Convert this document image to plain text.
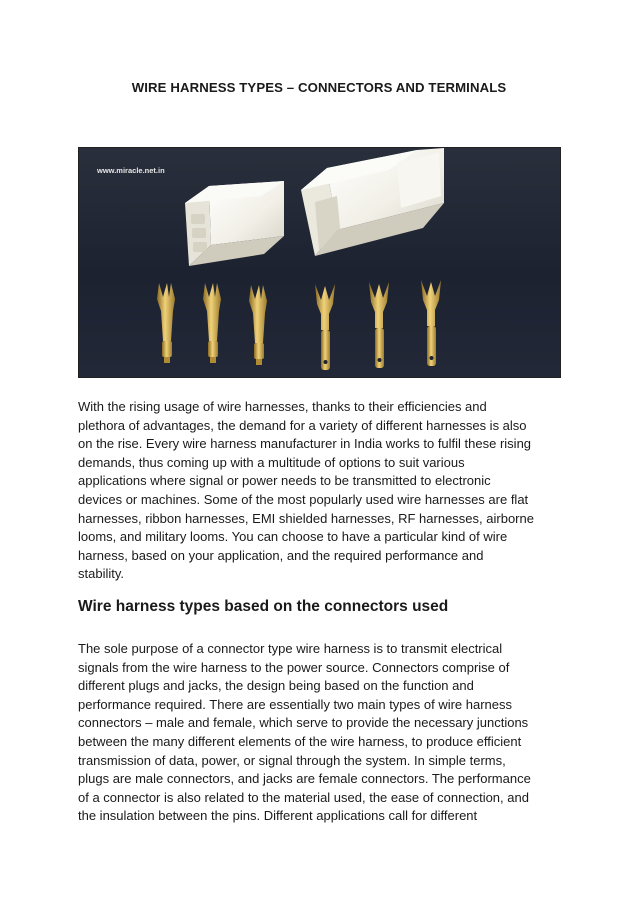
WIRE HARNESS TYPES – CONNECTORS AND TERMINALS
www.miracle.net.in
With the rising usage of wire harnesses, thanks to their efficiencies and
plethora of advantages, the demand for a variety of different harnesses is also
on the rise. Every wire harness manufacturer in India works to fulfil these rising
demands, thus coming up with a multitude of options to suit various
applications where signal or power needs to be transmitted to electronic
devices or machines. Some of the most popularly used wire harnesses are flat
harnesses, ribbon harnesses, EMI shielded harnesses, RF harnesses, airborne
looms, and military looms. You can choose to have a particular kind of wire
harness, based on your application, and the required performance and
stability.
Wire harness types based on the connectors used
The sole purpose of a connector type wire harness is to transmit electrical
signals from the wire harness to the power source. Connectors comprise of
different plugs and jacks, the design being based on the function and
performance required. There are essentially two main types of wire harness
connectors – male and female, which serve to provide the necessary junctions
between the many different elements of the wire harness, to produce efficient
transmission of data, power, or signal through the system. In simple terms,
plugs are male connectors, and jacks are female connectors. The performance
of a connector is also related to the material used, the ease of connection, and
the insulation between the pins. Different applications call for different
